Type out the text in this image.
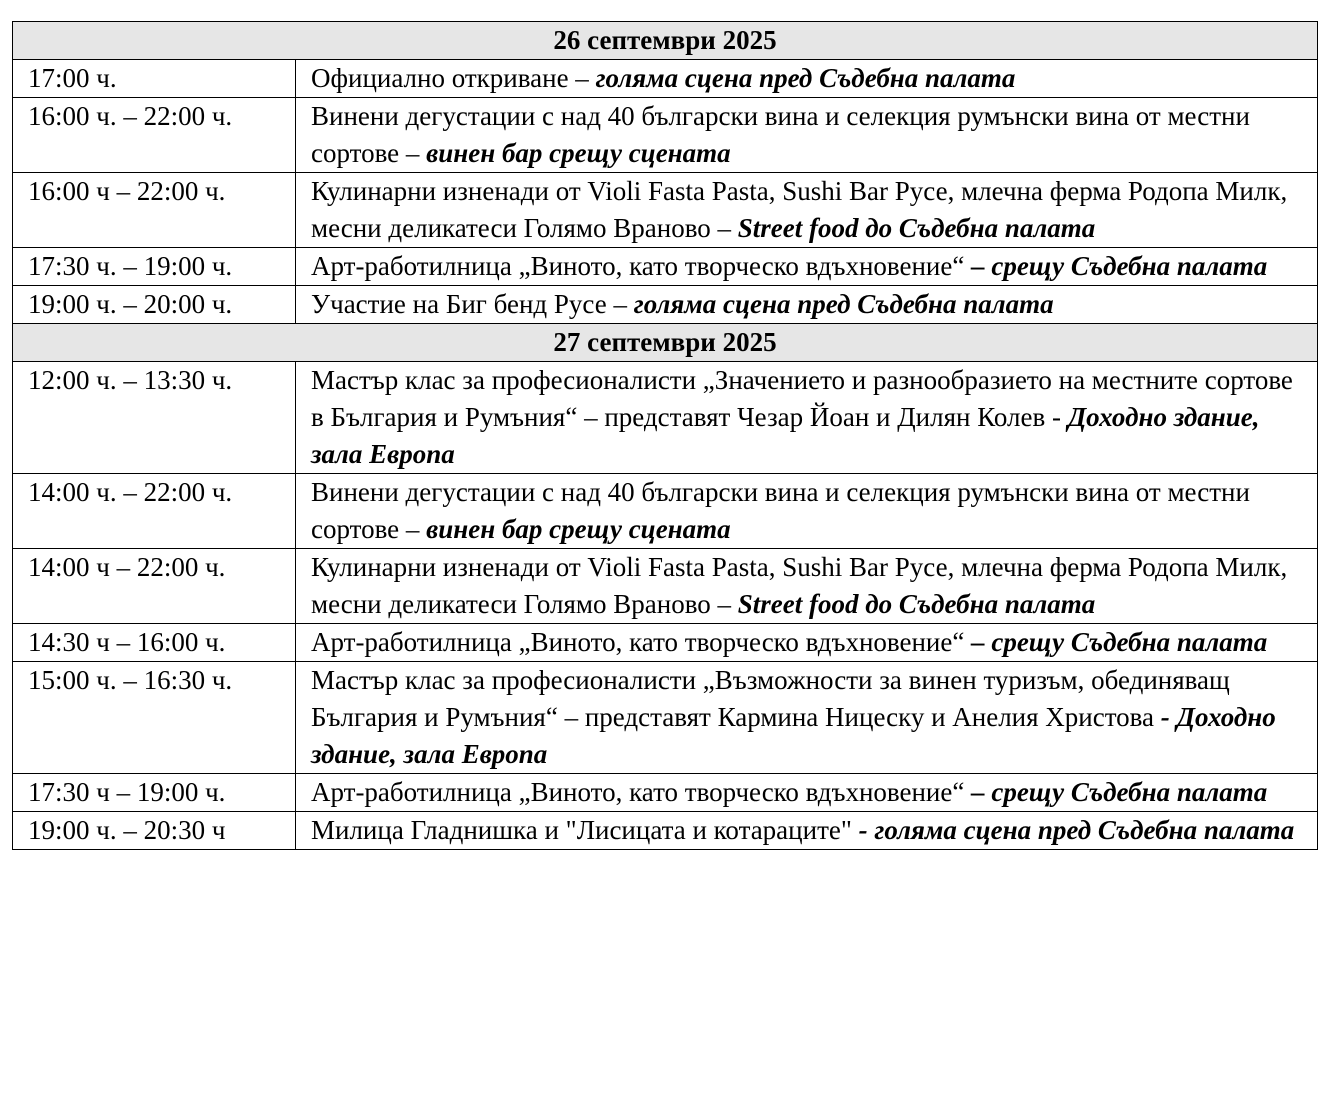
26 септември 2025	
17:00 ч.	Официално откриване – голяма сцена пред Съдебна палата
16:00 ч. – 22:00 ч.	Винени дегустации с над 40 български вина и селекция румънски вина от местни сортове – винен бар срещу сцената
16:00 ч – 22:00 ч.	Кулинарни изненади от Violi Fasta Pasta, Sushi Bar Русе, млечна ферма Родопа Милк, месни деликатеси Голямо Враново – Street food до Съдебна палата
17:30 ч. – 19:00 ч.	Арт-работилница „Виното, като творческо вдъхновение“ – срещу Съдебна палата
19:00 ч. – 20:00 ч.	Участие на Биг бенд Русе – голяма сцена пред Съдебна палата
27 септември 2025	
12:00 ч. – 13:30 ч.	Мастър клас за професионалисти „Значението и разнообразието на местните сортове в България и Румъния“ – представят Чезар Йоан и Дилян Колев - Доходно здание, зала Европа
14:00 ч. – 22:00 ч.	Винени дегустации с над 40 български вина и селекция румънски вина от местни сортове – винен бар срещу сцената
14:00 ч – 22:00 ч.	Кулинарни изненади от Violi Fasta Pasta, Sushi Bar Русе, млечна ферма Родопа Милк, месни деликатеси Голямо Враново – Street food до Съдебна палата
14:30 ч – 16:00 ч.	Арт-работилница „Виното, като творческо вдъхновение“ – срещу Съдебна палата
15:00 ч. – 16:30 ч.	Мастър клас за професионалисти „Възможности за винен туризъм, обединяващ България и Румъния“ – представят Кармина Ницеску и Анелия Христова - Доходно здание, зала Европа
17:30 ч – 19:00 ч.	Арт-работилница „Виното, като творческо вдъхновение“ – срещу Съдебна палата
19:00 ч. – 20:30 ч	Милица Гладнишка и "Лисицата и котараците" - голяма сцена пред Съдебна палата
